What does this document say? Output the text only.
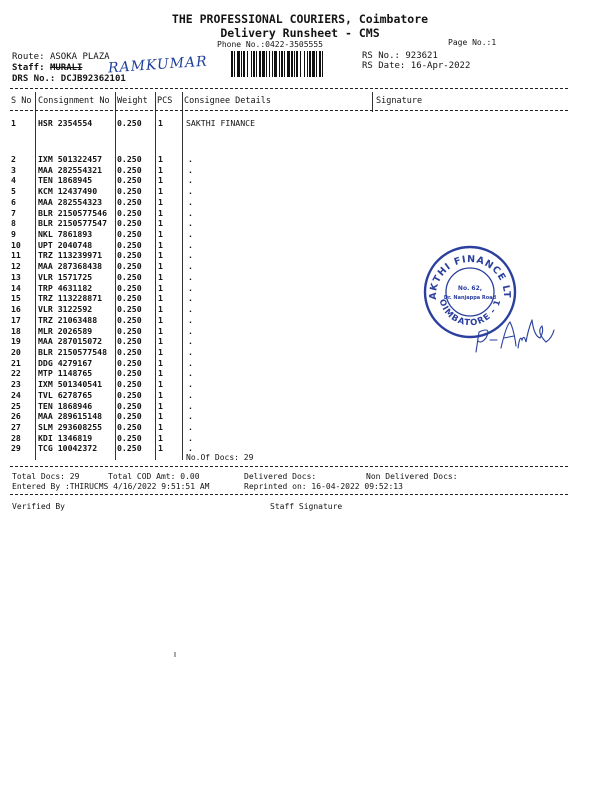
THE PROFESSIONAL COURIERS, Coimbatore
Delivery Runsheet - CMS
Phone No.:0422-3505555	Page No.:1
Route: ASOKA PLAZA
Staff: MURALI RAMKUMAR
DRS No.: DCJB92362101
RS No.: 923621
RS Date: 16-Apr-2022
S No Consignment No Weight PCS Consignee Details	Signature
1	HSR 2354554	0.250 1	SAKTHI FINANCE
2	IXM 501322457 0.250 1	.
3	MAA 282554321 0.250 1	.
4	TEN 1868945	0.250 1	.
5	KCM 12437490 0.250 1	.
6	MAA 282554323 0.250 1	.
7	BLR 2150577546 0.250 1	.
8	BLR 2150577547 0.250 1	.
9	NKL 7861893	0.250 1	.
10 UPT 2040748	0.250 1	.
11 TRZ 113239971 0.250 1	.
12 MAA 287368438 0.250 1	.
13 VLR 1571725	0.250 1	.
14 TRP 4631182	0.250 1	.
15 TRZ 113228871 0.250 1	.
16 VLR 3122592	0.250 1	.
17 TRZ 21063488 0.250 1	.
18 MLR 2026589	0.250 1	.
19 MAA 287015072 0.250 1	.
20 BLR 2150577548 0.250 1	.
21 DDG 4279167	0.250 1	.
22 MTP 1148765	0.250 1	.
23 IXM 501340541 0.250 1	.
24 TVL 6278765	0.250 1	.
25 TEN 1868946	0.250 1	.
26 MAA 289615148 0.250 1	.
27 SLM 293608255 0.250 1	.
28 KDI 1346819	0.250 1	.
29 TCG 10042372 0.250 1	.
No.Of Docs: 29
Total Docs: 29	Total COD Amt: 0.00	Delivered Docs:	Non Delivered Docs:
Entered By :THIRUCMS 4/16/2022 9:51:51 AM	Reprinted on: 16-04-2022 09:52:13
Verified By	Staff Signature
AKTHI FINANCE LT
OIMBATORE - 1
No. 62,
Dr. Nanjappa Road
